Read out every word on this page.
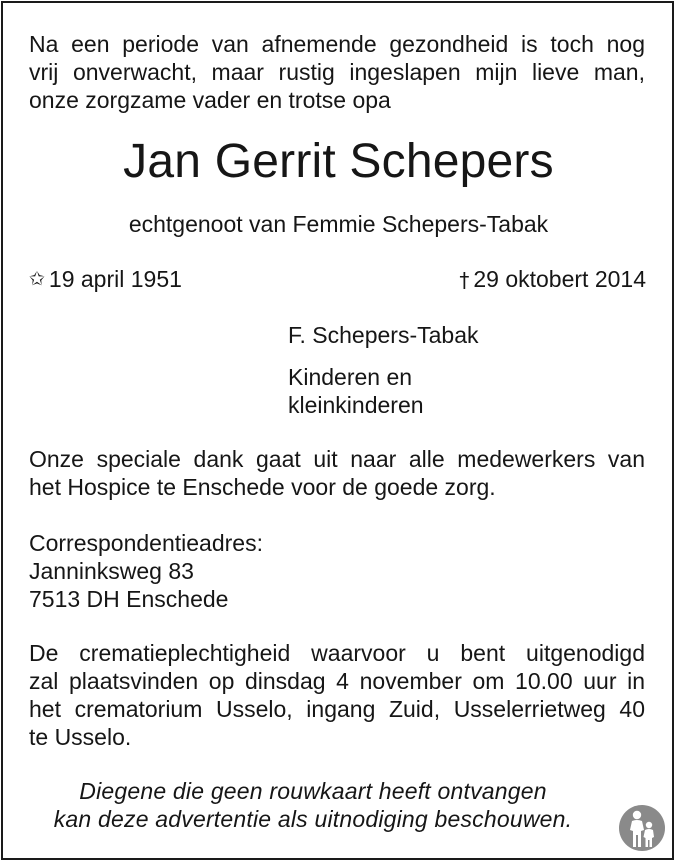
Na een periode van afnemende gezondheid is toch nog
vrij onverwacht, maar rustig ingeslapen mijn lieve man,
onze zorgzame vader en trotse opa
Jan Gerrit Schepers
echtgenoot van Femmie Schepers-Tabak
✩ 19 april 1951	† 29 oktobert 2014
F. Schepers-Tabak
Kinderen en
kleinkinderen
Onze speciale dank gaat uit naar alle medewerkers van
het Hospice te Enschede voor de goede zorg.
Correspondentieadres:
Janninksweg 83
7513 DH Enschede
De crematieplechtigheid waarvoor u bent uitgenodigd
zal plaatsvinden op dinsdag 4 november om 10.00 uur in
het crematorium Usselo, ingang Zuid, Usselerrietweg 40
te Usselo.
Diegene die geen rouwkaart heeft ontvangen
kan deze advertentie als uitnodiging beschouwen.
